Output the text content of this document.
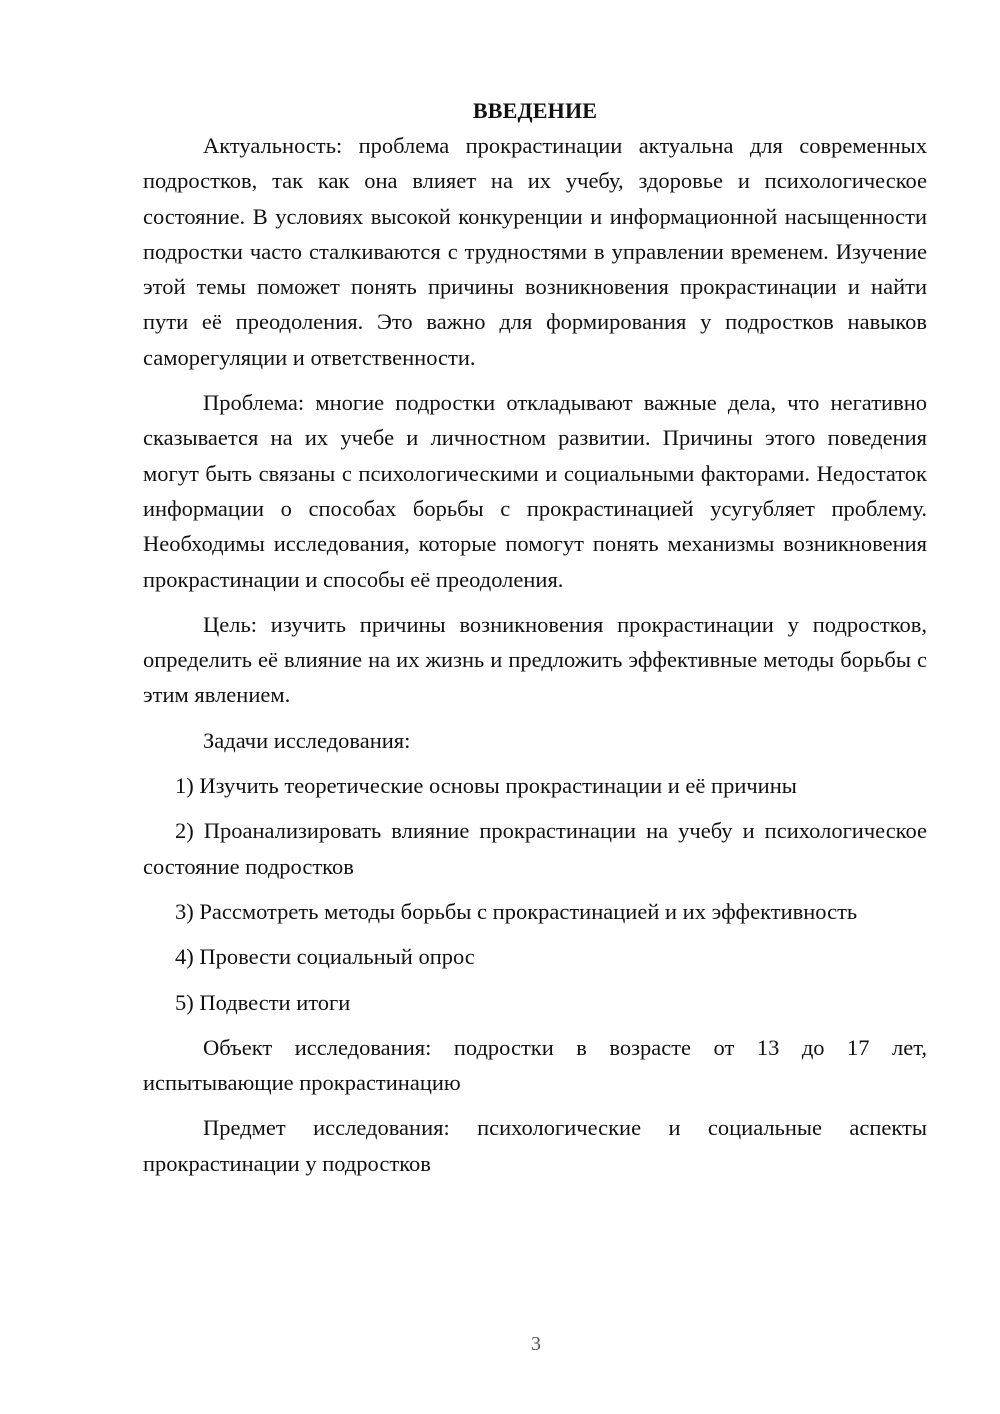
ВВЕДЕНИЕ

Актуальность: проблема прокрастинации актуальна для современных подростков, так как она влияет на их учебу, здоровье и психологическое состояние. В условиях высокой конкуренции и информационной насыщенности подростки часто сталкиваются с трудностями в управлении временем. Изучение этой темы поможет понять причины возникновения прокрастинации и найти пути её преодоления. Это важно для формирования у подростков навыков саморегуляции и ответственности.

Проблема: многие подростки откладывают важные дела, что негативно сказывается на их учебе и личностном развитии. Причины этого поведения могут быть связаны с психологическими и социальными факторами. Недостаток информации о способах борьбы с прокрастинацией усугубляет проблему. Необходимы исследования, которые помогут понять механизмы возникновения прокрастинации и способы её преодоления.

Цель: изучить причины возникновения прокрастинации у подростков, определить её влияние на их жизнь и предложить эффективные методы борьбы с этим явлением.

Задачи исследования:

1) Изучить теоретические основы прокрастинации и её причины
2) Проанализировать влияние прокрастинации на учебу и психологическое состояние подростков
3) Рассмотреть методы борьбы с прокрастинацией и их эффективность
4) Провести социальный опрос
5) Подвести итоги

Объект исследования: подростки в возрасте от 13 до 17 лет, испытывающие прокрастинацию

Предмет исследования: психологические и социальные аспекты прокрастинации у подростков

3
